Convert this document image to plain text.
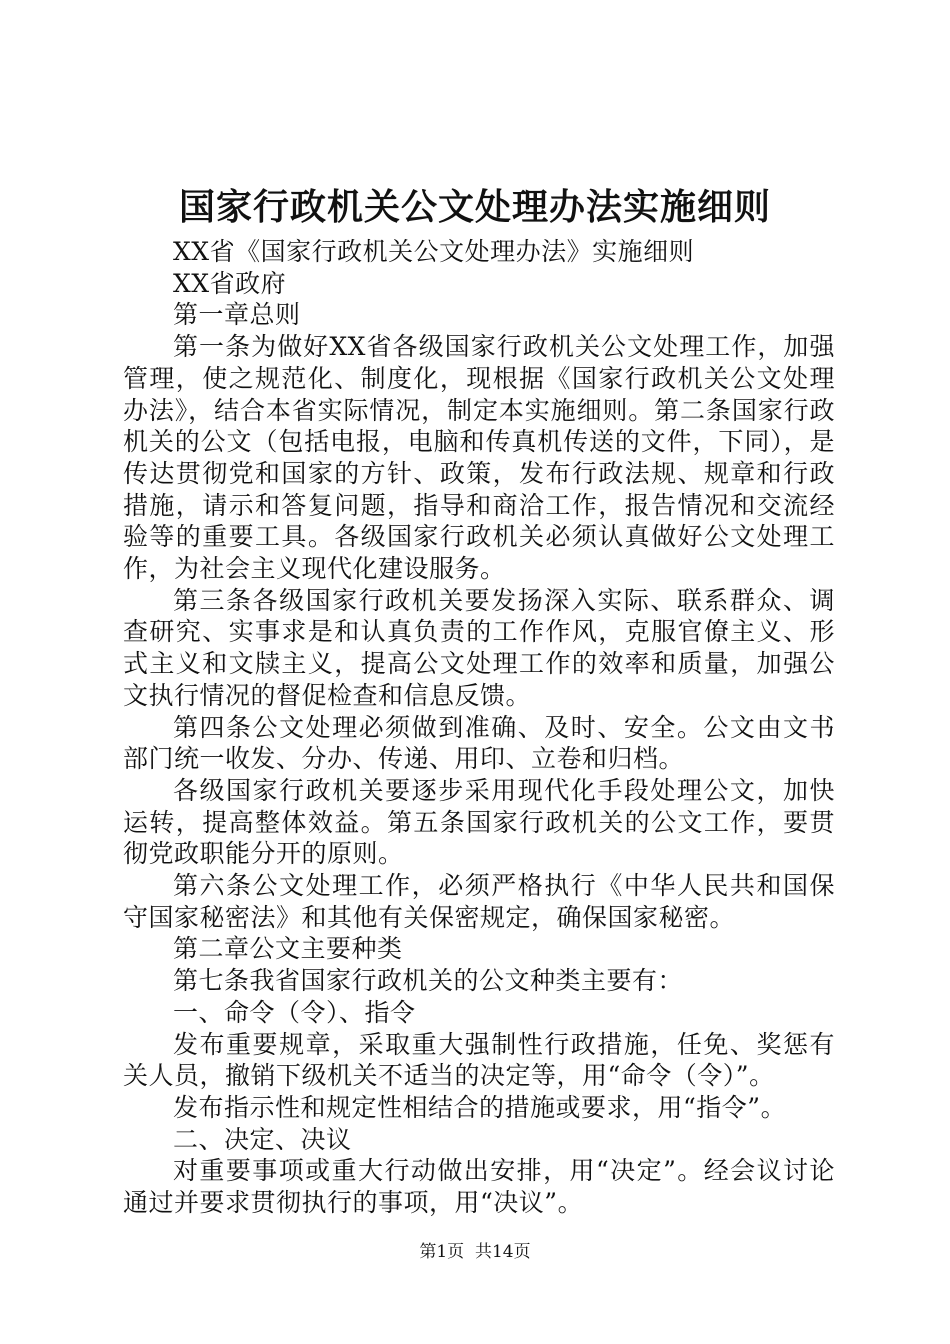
国家行政机关公文处理办法实施细则

XX省《国家行政机关公文处理办法》实施细则

XX省政府

第一章总则

第一条为做好XX省各级国家行政机关公文处理工作，加强管理，使之规范化、制度化，现根据《国家行政机关公文处理办法》，结合本省实际情况，制定本实施细则。第二条国家行政机关的公文（包括电报，电脑和传真机传送的文件，下同），是传达贯彻党和国家的方针、政策，发布行政法规、规章和行政措施，请示和答复问题，指导和商洽工作，报告情况和交流经验等的重要工具。各级国家行政机关必须认真做好公文处理工作，为社会主义现代化建设服务。

第三条各级国家行政机关要发扬深入实际、联系群众、调查研究、实事求是和认真负责的工作作风，克服官僚主义、形式主义和文牍主义，提高公文处理工作的效率和质量，加强公文执行情况的督促检查和信息反馈。

第四条公文处理必须做到准确、及时、安全。公文由文书部门统一收发、分办、传递、用印、立卷和归档。

各级国家行政机关要逐步采用现代化手段处理公文，加快运转，提高整体效益。第五条国家行政机关的公文工作，要贯彻党政职能分开的原则。

第六条公文处理工作，必须严格执行《中华人民共和国保守国家秘密法》和其他有关保密规定，确保国家秘密。

第二章公文主要种类

第七条我省国家行政机关的公文种类主要有：

一、命令（令）、指令

发布重要规章，采取重大强制性行政措施，任免、奖惩有关人员，撤销下级机关不适当的决定等，用“命令（令）”。

发布指示性和规定性相结合的措施或要求，用“指令”。

二、决定、决议

对重要事项或重大行动做出安排，用“决定”。经会议讨论通过并要求贯彻执行的事项，用“决议”。

第1页  共14页
